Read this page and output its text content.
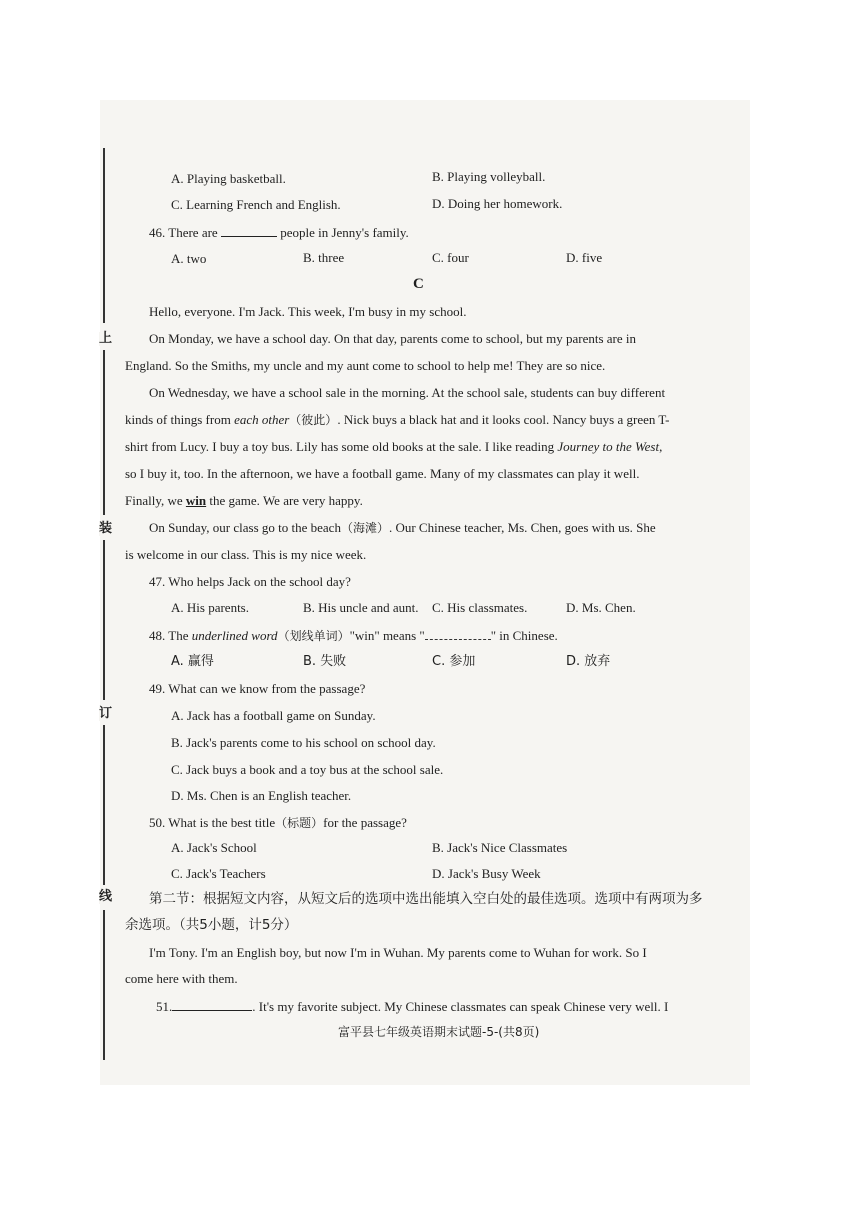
上
装
订
线
A. Playing basketball.	B. Playing volleyball.
C. Learning French and English.	D. Doing her homework.
46. There are	people in Jenny's family.
A. two	B. three	C. four	D. five
C
Hello, everyone. I'm Jack. This week, I'm busy in my school.
On Monday, we have a school day. On that day, parents come to school, but my parents are in
England. So the Smiths, my uncle and my aunt come to school to help me! They are so nice.
On Wednesday, we have a school sale in the morning. At the school sale, students can buy different
kinds of things from each other（彼此）. Nick buys a black hat and it looks cool. Nancy buys a green T-
shirt from Lucy. I buy a toy bus. Lily has some old books at the sale. I like reading Journey to the West,
so I buy it, too. In the afternoon, we have a football game. Many of my classmates can play it well.
Finally, we win the game. We are very happy.
On Sunday, our class go to the beach（海滩）. Our Chinese teacher, Ms. Chen, goes with us. She
is welcome in our class. This is my nice week.
47. Who helps Jack on the school day?
A. His parents.	B. His uncle and aunt. C. His classmates.	D. Ms. Chen.
48. The underlined word（划线单词）"win" means "	" in Chinese.
A. 赢得	B. 失败	C. 参加	D. 放弃
49. What can we know from the passage?
A. Jack has a football game on Sunday.
B. Jack's parents come to his school on school day.
C. Jack buys a book and a toy bus at the school sale.
D. Ms. Chen is an English teacher.
50. What is the best title（标题）for the passage?
A. Jack's School	B. Jack's Nice Classmates
C. Jack's Teachers	D. Jack's Busy Week
第二节：根据短文内容，从短文后的选项中选出能填入空白处的最佳选项。选项中有两项为多
余选项。（共5小题，计5分）
I'm Tony. I'm an English boy, but now I'm in Wuhan. My parents come to Wuhan for work. So I
come here with them.
51.	. It's my favorite subject. My Chinese classmates can speak Chinese very well. I
富平县七年级英语期末试题-5-(共8页)
